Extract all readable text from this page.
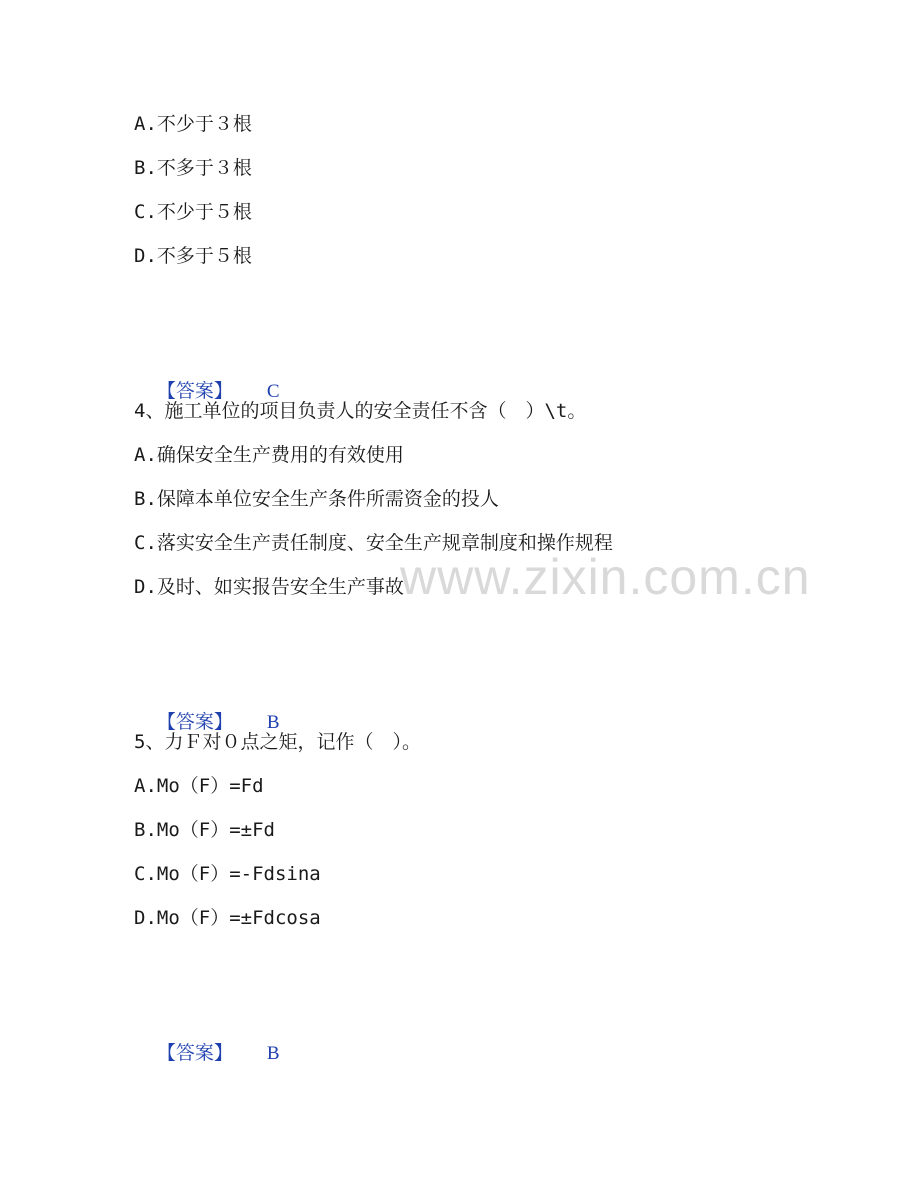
www.zixin.com.cn
A.不少于３根
B.不多于３根
C.不少于５根
D.不多于５根

【答案】 C

4、施工单位的项目负责人的安全责任不含（　）\t。
A.确保安全生产费用的有效使用
B.保障本单位安全生产条件所需资金的投人
C.落实安全生产责任制度、安全生产规章制度和操作规程
D.及时、如实报告安全生产事故

【答案】 B

5、力Ｆ对０点之矩，记作（　）。
A.Mo（F）=Fd
B.Mo（F）=±Fd
C.Mo（F）=-Fdsina
D.Mo（F）=±Fdcosa

【答案】 B
